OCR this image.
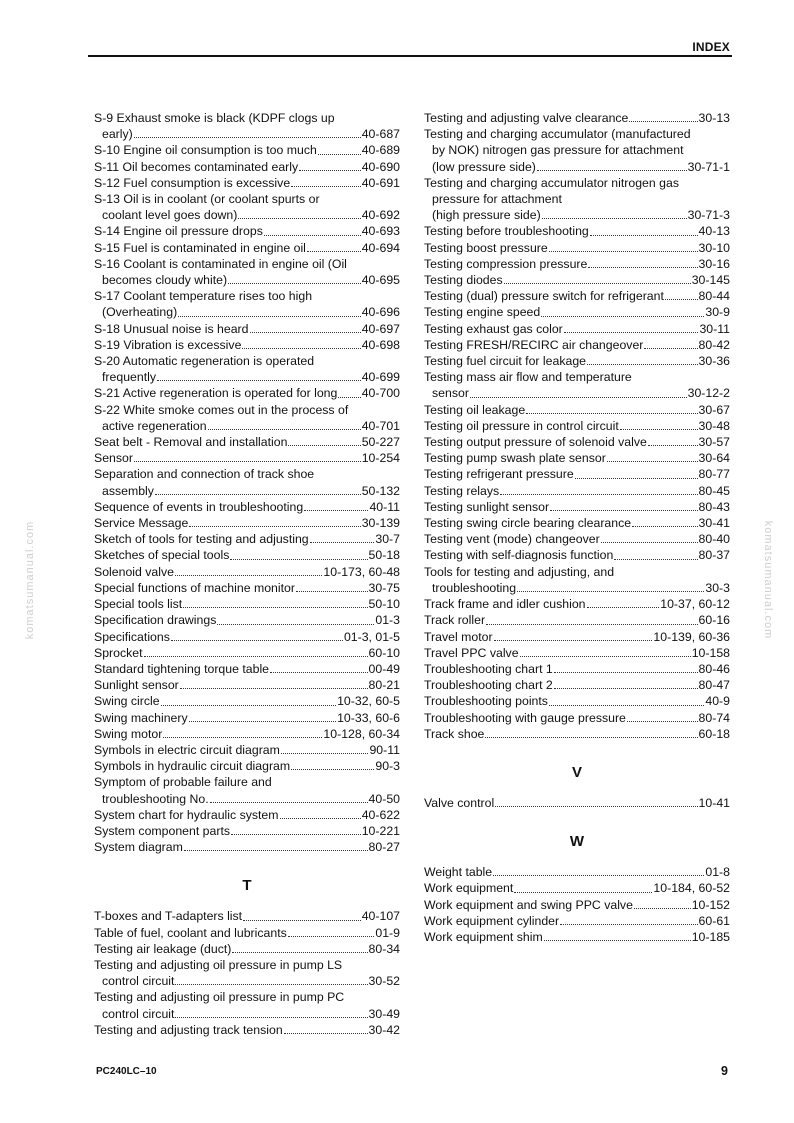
INDEX
komatsumanual.com	komatsumanual.com
S-9 Exhaust smoke is black (KDPF clogs up
early)	40-687
S-10 Engine oil consumption is too much	40-689
S-11 Oil becomes contaminated early	40-690
S-12 Fuel consumption is excessive	40-691
S-13 Oil is in coolant (or coolant spurts or
coolant level goes down)	40-692
S-14 Engine oil pressure drops	40-693
S-15 Fuel is contaminated in engine oil	40-694
S-16 Coolant is contaminated in engine oil (Oil
becomes cloudy white)	40-695
S-17 Coolant temperature rises too high
(Overheating)	40-696
S-18 Unusual noise is heard	40-697
S-19 Vibration is excessive	40-698
S-20 Automatic regeneration is operated
frequently	40-699
S-21 Active regeneration is operated for long 40-700
S-22 White smoke comes out in the process of
active regeneration	40-701
Seat belt - Removal and installation	50-227
Sensor	10-254
Separation and connection of track shoe
assembly	50-132
Sequence of events in troubleshooting	40-11
Service Message	30-139
Sketch of tools for testing and adjusting	30-7
Sketches of special tools	50-18
Solenoid valve	10-173, 60-48
Special functions of machine monitor	30-75
Special tools list	50-10
Specification drawings	01-3
Specifications	01-3, 01-5
Sprocket	60-10
Standard tightening torque table	00-49
Sunlight sensor	80-21
Swing circle	10-32, 60-5
Swing machinery	10-33, 60-6
Swing motor	10-128, 60-34
Symbols in electric circuit diagram	90-11
Symbols in hydraulic circuit diagram	90-3
Symptom of probable failure and
troubleshooting No.	40-50
System chart for hydraulic system	40-622
System component parts	10-221
System diagram	80-27
T
T-boxes and T-adapters list	40-107
Table of fuel, coolant and lubricants	01-9
Testing air leakage (duct)	80-34
Testing and adjusting oil pressure in pump LS
control circuit	30-52
Testing and adjusting oil pressure in pump PC
control circuit	30-49
Testing and adjusting track tension	30-42
Testing and adjusting valve clearance	30-13
Testing and charging accumulator (manufactured
by NOK) nitrogen gas pressure for attachment
(low pressure side)	30-71-1
Testing and charging accumulator nitrogen gas
pressure for attachment
(high pressure side)	30-71-3
Testing before troubleshooting	40-13
Testing boost pressure	30-10
Testing compression pressure	30-16
Testing diodes	30-145
Testing (dual) pressure switch for refrigerant	80-44
Testing engine speed	30-9
Testing exhaust gas color	30-11
Testing FRESH/RECIRC air changeover	80-42
Testing fuel circuit for leakage	30-36
Testing mass air flow and temperature
sensor	30-12-2
Testing oil leakage	30-67
Testing oil pressure in control circuit	30-48
Testing output pressure of solenoid valve	30-57
Testing pump swash plate sensor	30-64
Testing refrigerant pressure	80-77
Testing relays	80-45
Testing sunlight sensor	80-43
Testing swing circle bearing clearance	30-41
Testing vent (mode) changeover	80-40
Testing with self-diagnosis function	80-37
Tools for testing and adjusting, and
troubleshooting	30-3
Track frame and idler cushion	10-37, 60-12
Track roller	60-16
Travel motor	10-139, 60-36
Travel PPC valve	10-158
Troubleshooting chart 1	80-46
Troubleshooting chart 2	80-47
Troubleshooting points	40-9
Troubleshooting with gauge pressure	80-74
Track shoe	60-18
V
Valve control	10-41
W
Weight table	01-8
Work equipment	10-184, 60-52
Work equipment and swing PPC valve	10-152
Work equipment cylinder	60-61
Work equipment shim	10-185
PC240LC–10	9
